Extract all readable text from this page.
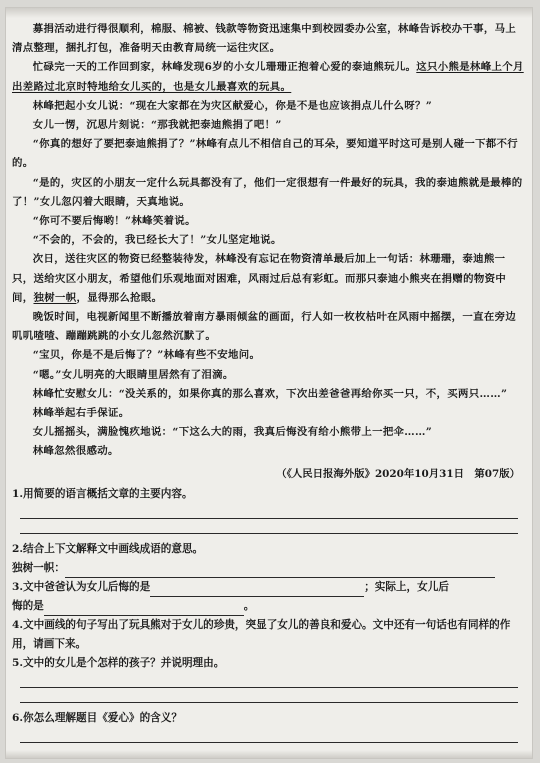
募捐活动进行得很顺利，棉服、棉被、钱款等物资迅速集中到校园委办公室，林峰告诉校办干事，马上清点整理，捆扎打包，准备明天由教育局统一运往灾区。

忙碌完一天的工作回到家，林峰发现6岁的小女儿珊珊正抱着心爱的泰迪熊玩儿。这只小熊是林峰上个月出差路过北京时特地给女儿买的，也是女儿最喜欢的玩具。

林峰把起小女儿说：“现在大家都在为灾区献爱心，你是不是也应该捐点儿什么呀？”

女儿一愣，沉思片刻说：“那我就把泰迪熊捐了吧！”

“你真的想好了要把泰迪熊捐了？”林峰有点儿不相信自己的耳朵，要知道平时这可是别人碰一下都不行的。

“是的，灾区的小朋友一定什么玩具都没有了，他们一定很想有一件最好的玩具，我的泰迪熊就是最棒的了！”女儿忽闪着大眼睛，天真地说。

“你可不要后悔哟！”林峰笑着说。

“不会的，不会的，我已经长大了！”女儿坚定地说。

次日，送往灾区的物资已经整装待发，林峰没有忘记在物资清单最后加上一句话：林珊珊，泰迪熊一只，送给灾区小朋友，希望他们乐观地面对困难，风雨过后总有彩虹。而那只泰迪小熊夹在捐赠的物资中间，独树一帜，显得那么抢眼。

晚饭时间，电视新闻里不断播放着南方暴雨倾盆的画面，行人如一枚枚枯叶在风雨中摇摆，一直在旁边叽叽喳喳、蹦蹦跳跳的小女儿忽然沉默了。

“宝贝，你是不是后悔了？”林峰有些不安地问。

“嗯。”女儿明亮的大眼睛里居然有了泪滴。

林峰忙安慰女儿：“没关系的，如果你真的那么喜欢，下次出差爸爸再给你买一只，不，买两只……”

林峰举起右手保证。

女儿摇摇头，满脸愧疚地说：“下这么大的雨，我真后悔没有给小熊带上一把伞……”

林峰忽然很感动。

（《人民日报海外版》2020年10月31日　第07版）

1.用简要的语言概括文章的主要内容。

2.结合上下文解释文中画线成语的意思。

独树一帜：

3.文中爸爸认为女儿后悔的是	；实际上，女儿后

悔的是	。

4.文中画线的句子写出了玩具熊对于女儿的珍贵，突显了女儿的善良和爱心。文中还有一句话也有同样的作用，请画下来。

5.文中的女儿是个怎样的孩子？并说明理由。

6.你怎么理解题目《爱心》的含义？
